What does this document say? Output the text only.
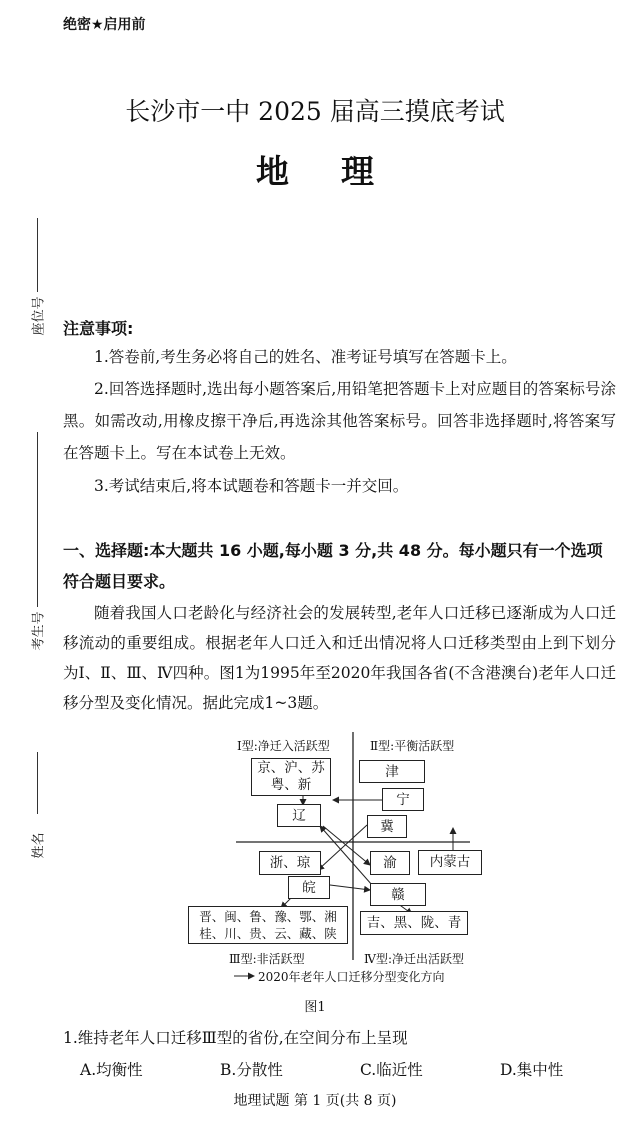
绝密★启用前
长沙市一中 2025 届高三摸底考试
地理
座位号
考生号
姓名
注意事项:
1.答卷前,考生务必将自己的姓名、准考证号填写在答题卡上。
2.回答选择题时,选出每小题答案后,用铅笔把答题卡上对应题目的答案标号涂黑。如需改动,用橡皮擦干净后,再选涂其他答案标号。回答非选择题时,将答案写在答题卡上。写在本试卷上无效。
3.考试结束后,将本试题卷和答题卡一并交回。
一、选择题:本大题共 16 小题,每小题 3 分,共 48 分。每小题只有一个选项符合题目要求。
随着我国人口老龄化与经济社会的发展转型,老年人口迁移已逐渐成为人口迁移流动的重要组成。根据老年人口迁入和迁出情况将人口迁移类型由上到下划分为Ⅰ、Ⅱ、Ⅲ、Ⅳ四种。图1为1995年至2020年我国各省(不含港澳台)老年人口迁移分型及变化情况。据此完成1~3题。
Ⅰ型:净迁入活跃型	Ⅱ型:平衡活跃型
Ⅲ型:非活跃型	Ⅳ型:净迁出活跃型
京、沪、苏
粤、新
津
宁
辽
冀
浙、琼	渝	内蒙古
皖	赣
晋、闽、鲁、豫、鄂、湘
桂、川、贵、云、藏、陕
吉、黑、陇、青
2020年老年人口迁移分型变化方向
图1
1.维持老年人口迁移Ⅲ型的省份,在空间分布上呈现
A.均衡性	B.分散性	C.临近性	D.集中性
地理试题 第 1 页(共 8 页)
